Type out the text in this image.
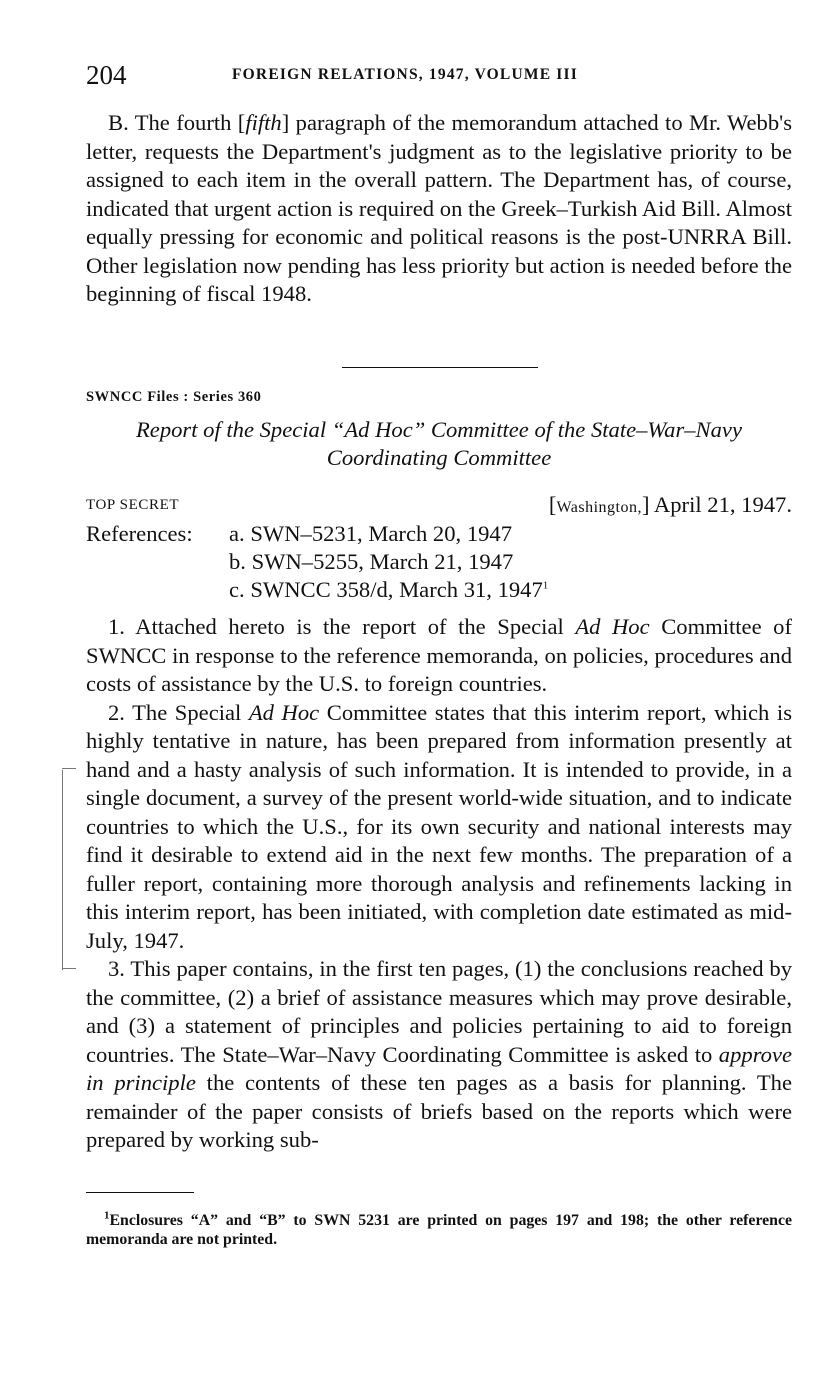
204	FOREIGN RELATIONS, 1947, VOLUME III
B. The fourth [fifth] paragraph of the memorandum attached to Mr. Webb's letter, requests the Department's judgment as to the legislative priority to be assigned to each item in the overall pattern. The Department has, of course, indicated that urgent action is required on the Greek–Turkish Aid Bill. Almost equally pressing for economic and political reasons is the post-UNRRA Bill. Other legislation now pending has less priority but action is needed before the beginning of fiscal 1948.
SWNCC Files : Series 360
Report of the Special “Ad Hoc” Committee of the State–War–Navy
Coordinating Committee
TOP SECRET	[Washington,] April 21, 1947.
References: a. SWN–5231, March 20, 1947
b. SWN–5255, March 21, 1947
c. SWNCC 358/d, March 31, 1947$^1$

1. Attached hereto is the report of the Special Ad Hoc Committee of SWNCC in response to the reference memoranda, on policies, procedures and costs of assistance by the U.S. to foreign countries.

2. The Special Ad Hoc Committee states that this interim report, which is highly tentative in nature, has been prepared from information presently at hand and a hasty analysis of such information. It is intended to provide, in a single document, a survey of the present world-wide situation, and to indicate countries to which the U.S., for its own security and national interests may find it desirable to extend aid in the next few months. The preparation of a fuller report, containing more thorough analysis and refinements lacking in this interim report, has been initiated, with completion date estimated as mid-July, 1947.

3. This paper contains, in the first ten pages, (1) the conclusions reached by the committee, (2) a brief of assistance measures which may prove desirable, and (3) a statement of principles and policies pertaining to aid to foreign countries. The State–War–Navy Coordinating Committee is asked to approve in principle the contents of these ten pages as a basis for planning. The remainder of the paper consists of briefs based on the reports which were prepared by working sub-

$^1$Enclosures “A” and “B” to SWN 5231 are printed on pages 197 and 198; the other reference memoranda are not printed.
